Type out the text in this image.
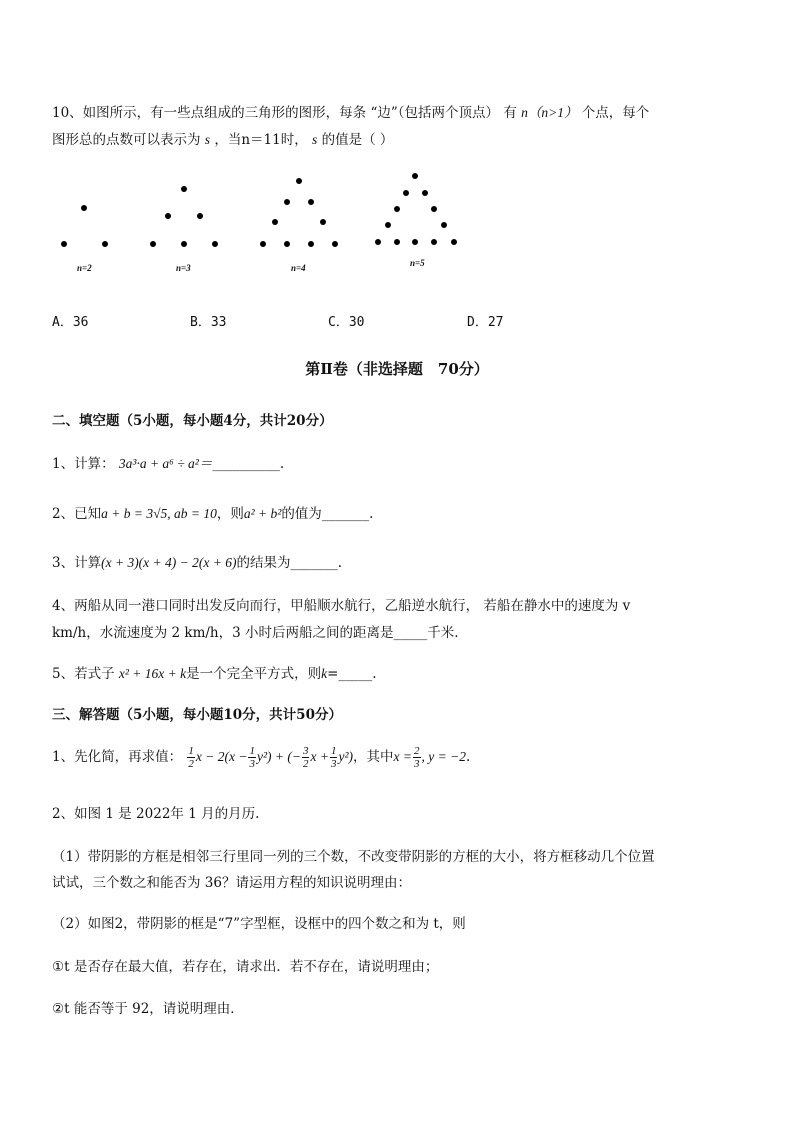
10、如图所示，有一些点组成的三角形的图形，每条 “边”（包括两个顶点） 有 n（n>1） 个点，每个
图形总的点数可以表示为 s ，当n＝11时， s 的值是（ ）
n=2	n=3	n=4	n=5
A．36	B．33	C．30	D．27
第Ⅱ卷（非选择题　70分）
二、填空题（5小题，每小题4分，共计20分）
1、计算： 3a³·a + a⁶ ÷ a²＝__________.
2、已知a + b = 3√5, ab = 10，则a² + b²的值为_______.
3、计算(x + 3)(x + 4) − 2(x + 6)的结果为_______.
4、两船从同一港口同时出发反向而行，甲船顺水航行，乙船逆水航行， 若船在静水中的速度为 v
km/h，水流速度为 2 km/h，3 小时后两船之间的距离是_____千米.
5、若式子 x² + 16x + k是一个完全平方式，则k=_____.
三、解答题（5小题，每小题10分，共计50分）
1、先化简，再求值： $\frac{1}{2}$ $x - 2(x - \frac{1}{3} y^2)$ + (− $\frac{3}{2}$ $x + \frac{1}{3} y^2$)，其中$x = \frac{2}{3}$ , y = −2.
2、如图 1 是 2022年 1 月的月历.
（1）带阴影的方框是相邻三行里同一列的三个数，不改变带阴影的方框的大小，将方框移动几个位置
试试，三个数之和能否为 36？请运用方程的知识说明理由：
（2）如图2，带阴影的框是“7”字型框，设框中的四个数之和为 t，则
①t 是否存在最大值，若存在，请求出．若不存在，请说明理由；
②t 能否等于 92，请说明理由．
